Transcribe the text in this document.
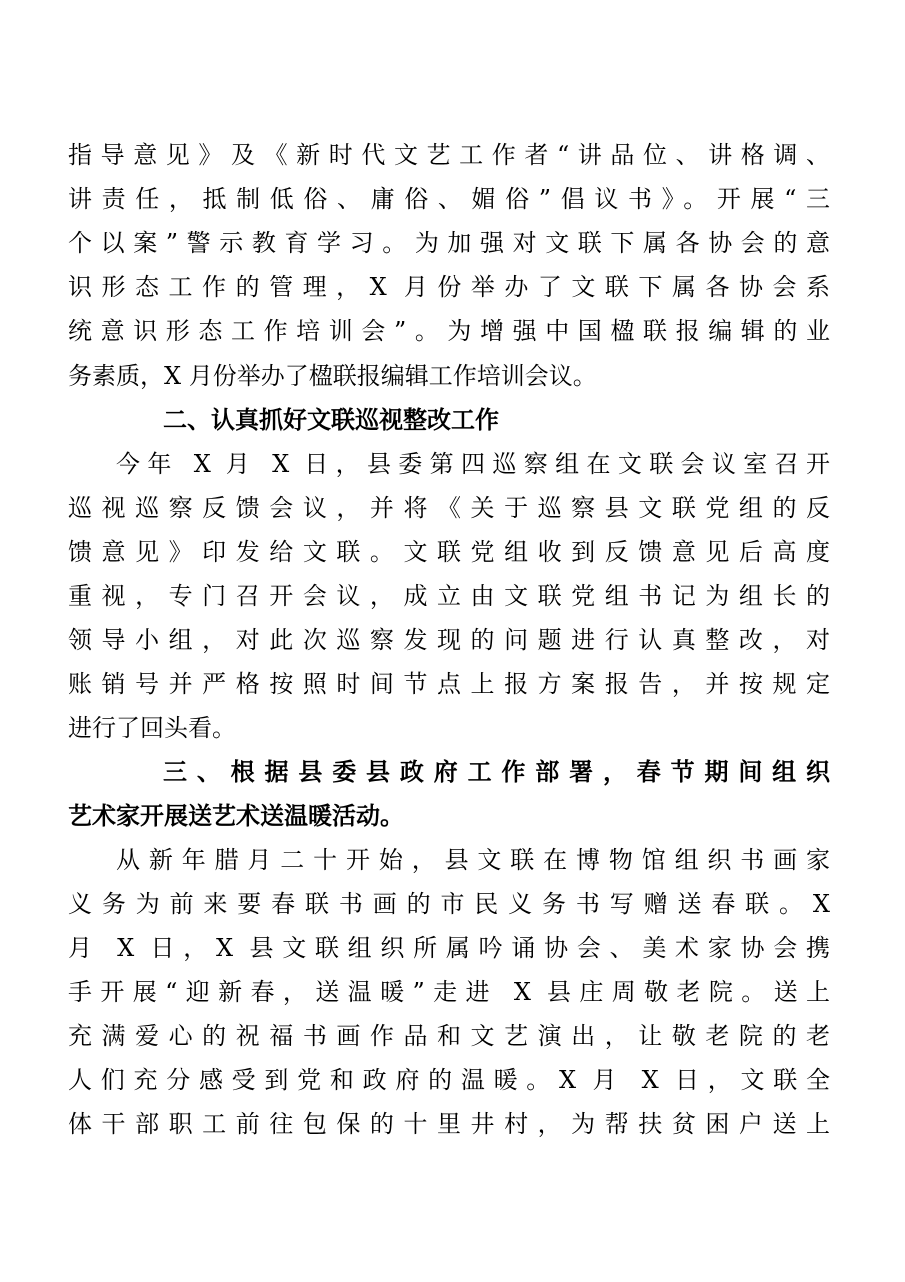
指导意见》及《新时代文艺工作者“讲品位、讲格调、
讲责任，抵制低俗、庸俗、媚俗”倡议书》。开展“三
个以案”警示教育学习。为加强对文联下属各协会的意
识形态工作的管理，X 月份举办了文联下属各协会系
统意识形态工作培训会”。为增强中国楹联报编辑的业
务素质，X 月份举办了楹联报编辑工作培训会议。
二、认真抓好文联巡视整改工作
今年 X 月 X 日，县委第四巡察组在文联会议室召开
巡视巡察反馈会议，并将《关于巡察县文联党组的反
馈意见》印发给文联。文联党组收到反馈意见后高度
重视，专门召开会议，成立由文联党组书记为组长的
领导小组，对此次巡察发现的问题进行认真整改，对
账销号并严格按照时间节点上报方案报告，并按规定
进行了回头看。
三、根据县委县政府工作部署，春节期间组织
艺术家开展送艺术送温暖活动。
从新年腊月二十开始，县文联在博物馆组织书画家
义务为前来要春联书画的市民义务书写赠送春联。X
月 X 日，X 县文联组织所属吟诵协会、美术家协会携
手开展“迎新春，送温暖”走进 X 县庄周敬老院。送上
充满爱心的祝福书画作品和文艺演出，让敬老院的老
人们充分感受到党和政府的温暖。X 月 X 日，文联全
体干部职工前往包保的十里井村，为帮扶贫困户送上
